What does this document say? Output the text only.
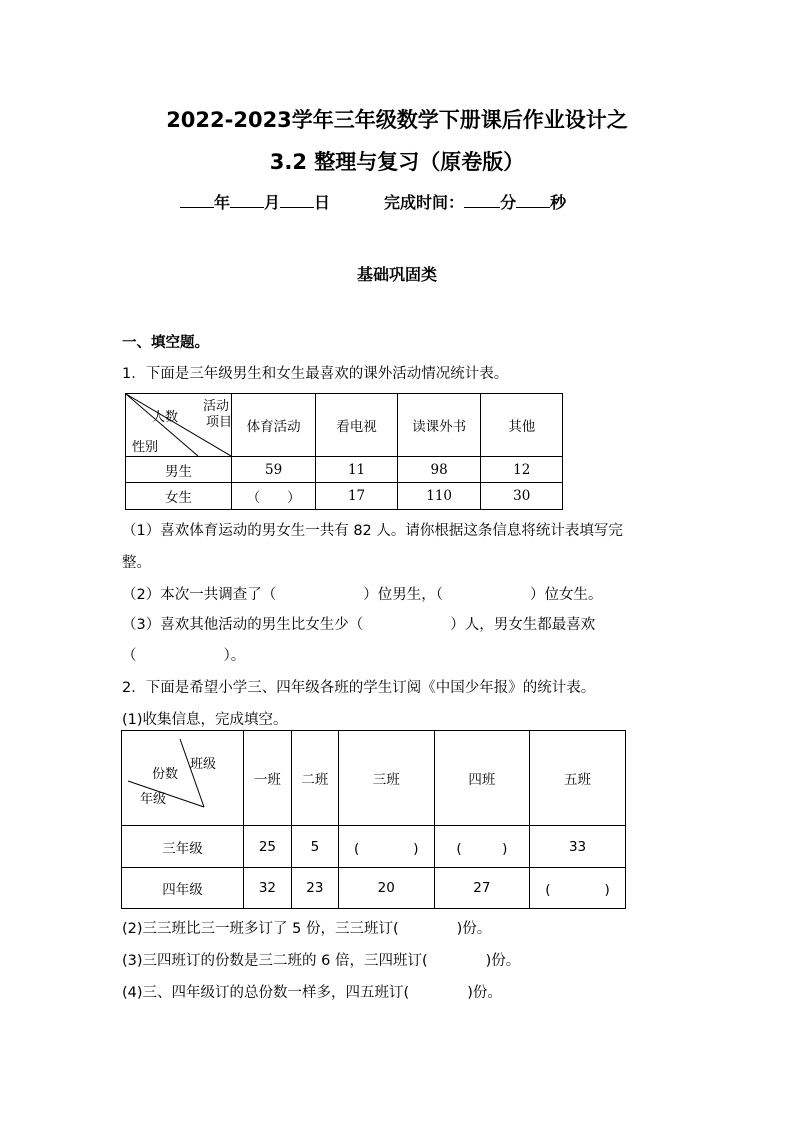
2022-2023学年三年级数学下册课后作业设计之
3.2 整理与复习（原卷版）
年 月 日	完成时间： 分 秒
基础巩固类
一、填空题。
1．下面是三年级男生和女生最喜欢的课外活动情况统计表。
活动
项目
人数
性别	体育活动	看电视	读课外书	其他
男生	59	11	98	12
女生	（　　）	17	110	30
（1）喜欢体育运动的男女生一共有 82 人。请你根据这条信息将统计表填写完
整。
（2）本次一共调查了（　　　　　　）位男生，（　　　　　　）位女生。
（3）喜欢其他活动的男生比女生少（　　　　　　）人，男女生都最喜欢
（　　　　　　）。
2．下面是希望小学三、四年级各班的学生订阅《中国少年报》的统计表。
(1)收集信息，完成填空。
班级
份数
年级	一班	二班	三班	四班	五班
三年级	25	5	(　　　　)	(　　　)	33
四年级	32	23	20	27	(　　　　)
(2)三三班比三一班多订了 5 份，三三班订(　　　　)份。
(3)三四班订的份数是三二班的 6 倍，三四班订(　　　　)份。
(4)三、四年级订的总份数一样多，四五班订(　　　　)份。
